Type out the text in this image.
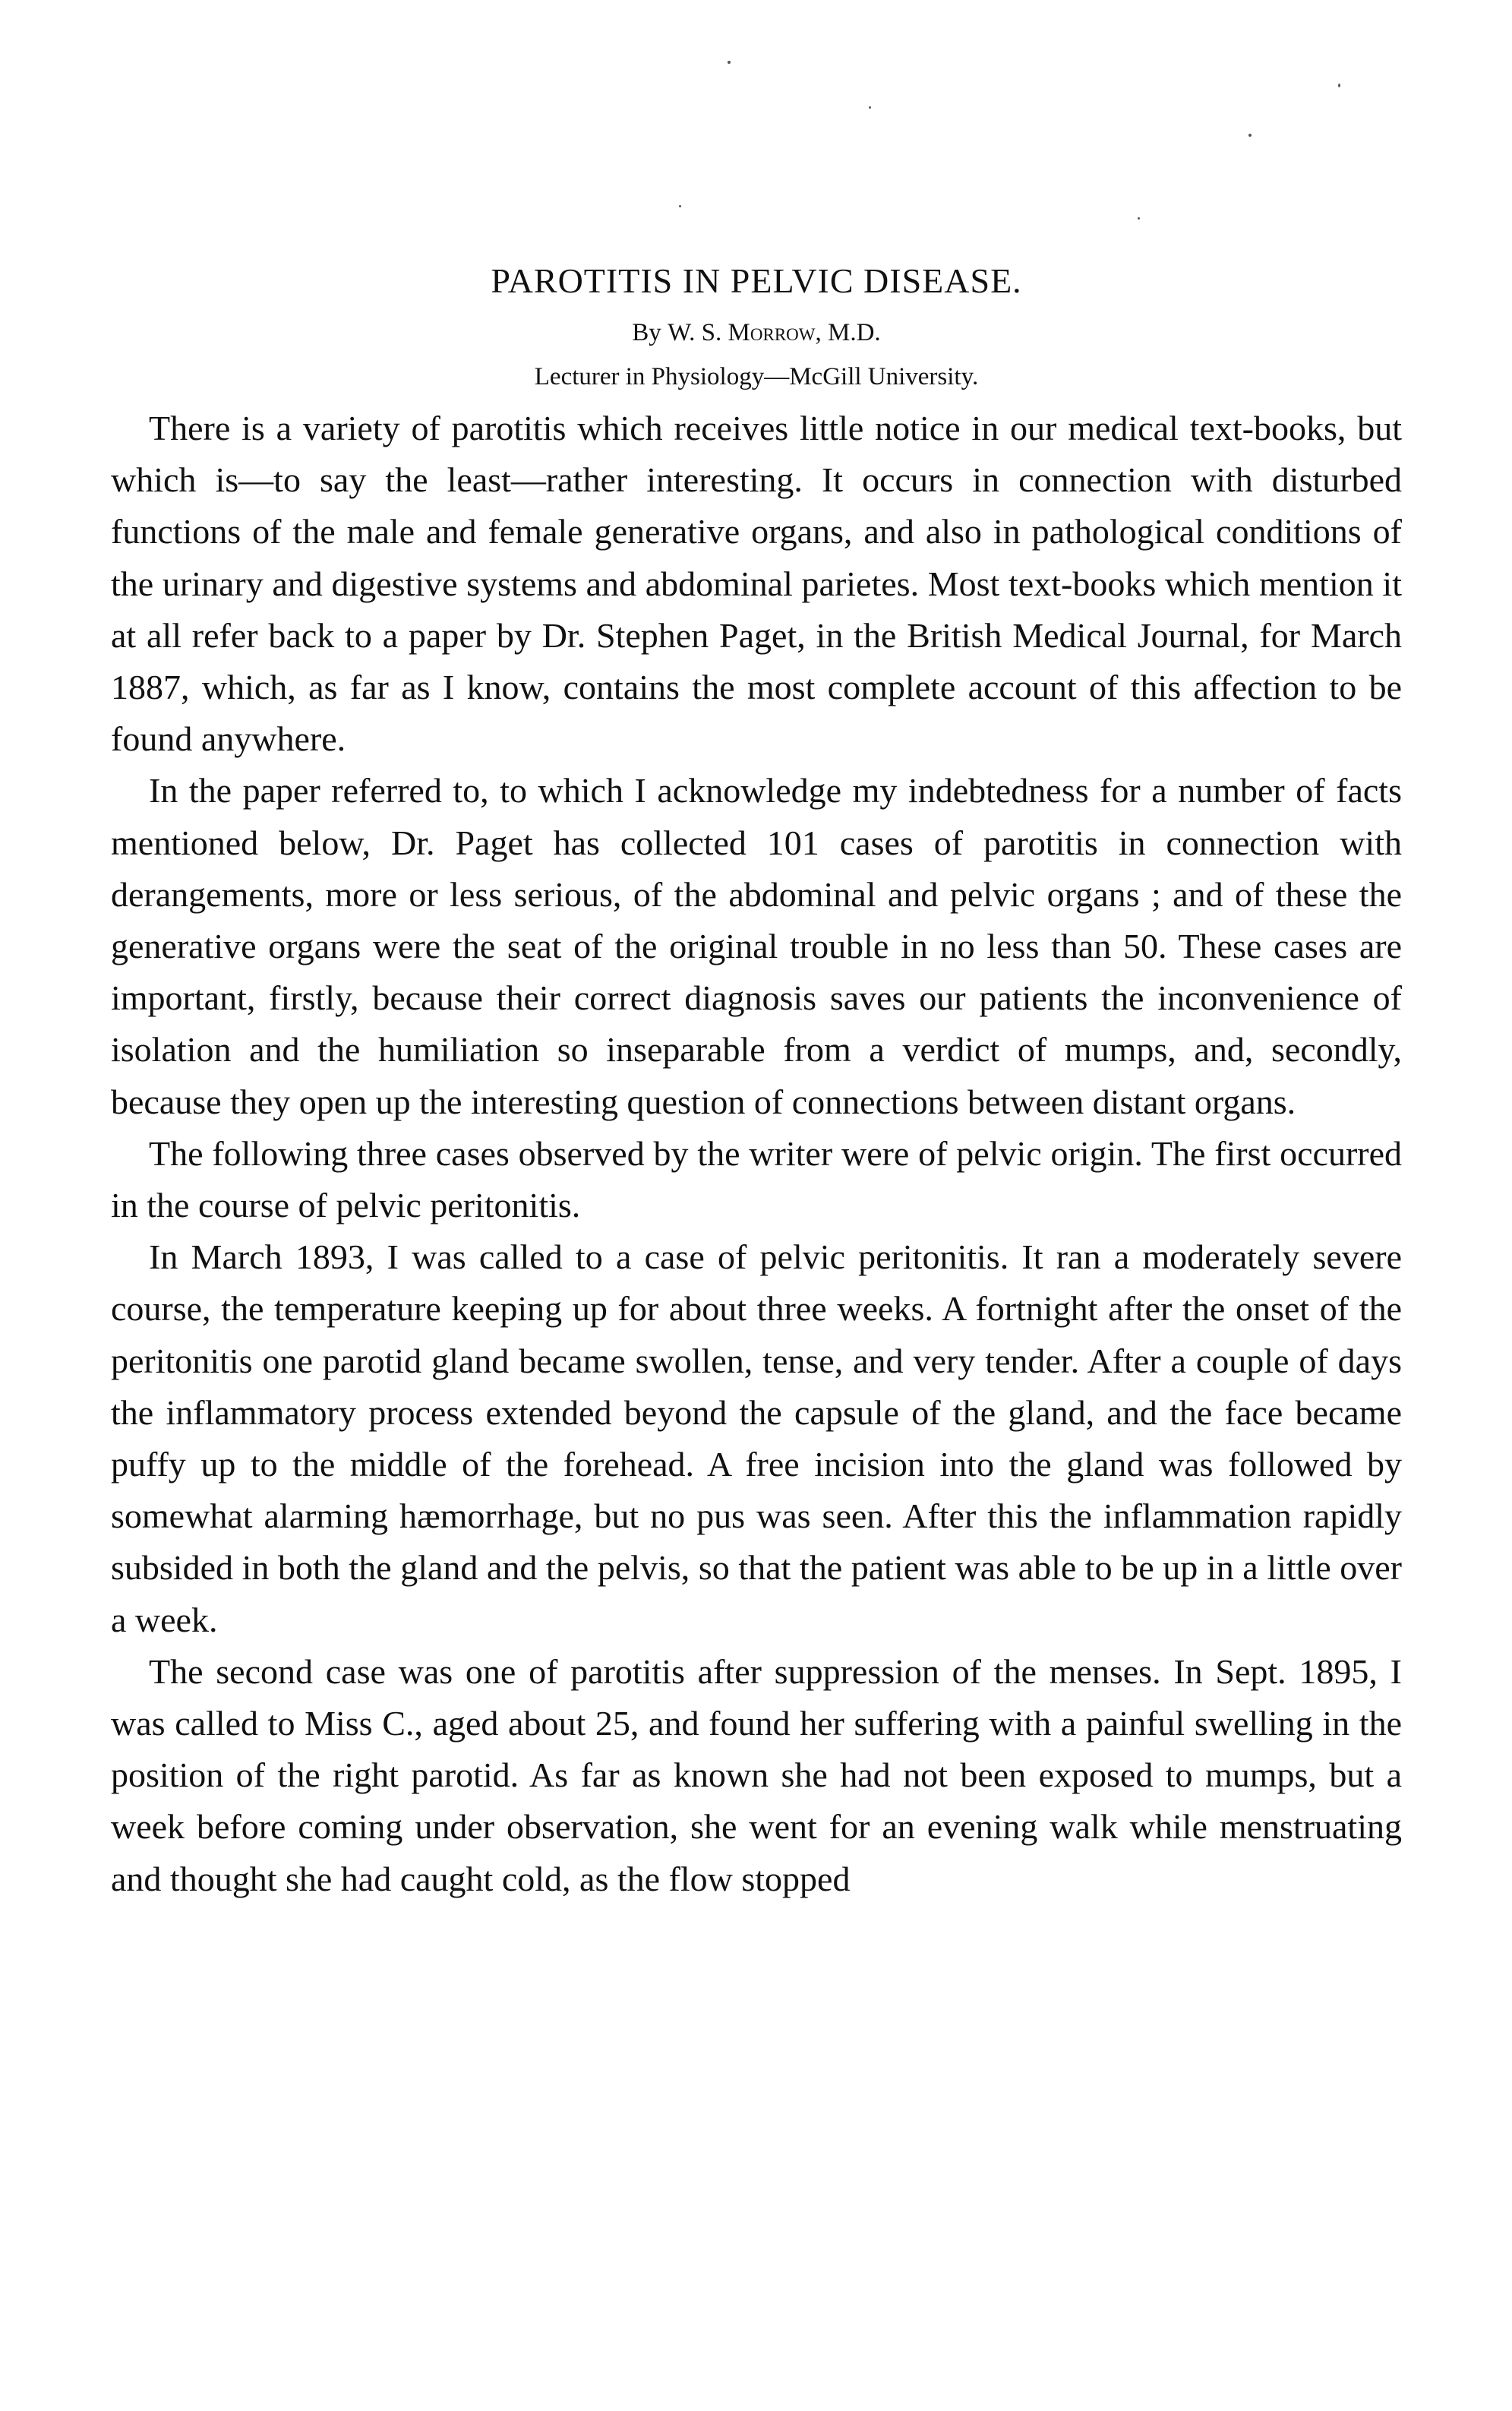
PAROTITIS IN PELVIC DISEASE.

By W. S. Morrow, M.D.

Lecturer in Physiology—McGill University.

There is a variety of parotitis which receives little notice in our medical text-books, but which is—to say the least—rather interesting. It occurs in connection with disturbed functions of the male and female generative organs, and also in pathological conditions of the urinary and digestive systems and abdominal parietes. Most text-books which mention it at all refer back to a paper by Dr. Stephen Paget, in the British Medical Journal, for March 1887, which, as far as I know, contains the most complete account of this affection to be found anywhere.

In the paper referred to, to which I acknowledge my indebtedness for a number of facts mentioned below, Dr. Paget has collected 101 cases of parotitis in connection with derangements, more or less serious, of the abdominal and pelvic organs ; and of these the generative organs were the seat of the original trouble in no less than 50. These cases are important, firstly, because their correct diagnosis saves our patients the inconvenience of isolation and the humiliation so inseparable from a verdict of mumps, and, secondly, because they open up the interesting question of connections between distant organs.

The following three cases observed by the writer were of pelvic origin. The first occurred in the course of pelvic peritonitis.

In March 1893, I was called to a case of pelvic peritonitis. It ran a moderately severe course, the temperature keeping up for about three weeks. A fortnight after the onset of the peritonitis one parotid gland became swollen, tense, and very tender. After a couple of days the inflammatory process extended beyond the capsule of the gland, and the face became puffy up to the middle of the forehead. A free incision into the gland was followed by somewhat alarming hæmorrhage, but no pus was seen. After this the inflammation rapidly subsided in both the gland and the pelvis, so that the patient was able to be up in a little over a week.

The second case was one of parotitis after suppression of the menses. In Sept. 1895, I was called to Miss C., aged about 25, and found her suffering with a painful swelling in the position of the right parotid. As far as known she had not been exposed to mumps, but a week before coming under observation, she went for an evening walk while menstruating and thought she had caught cold, as the flow stopped
